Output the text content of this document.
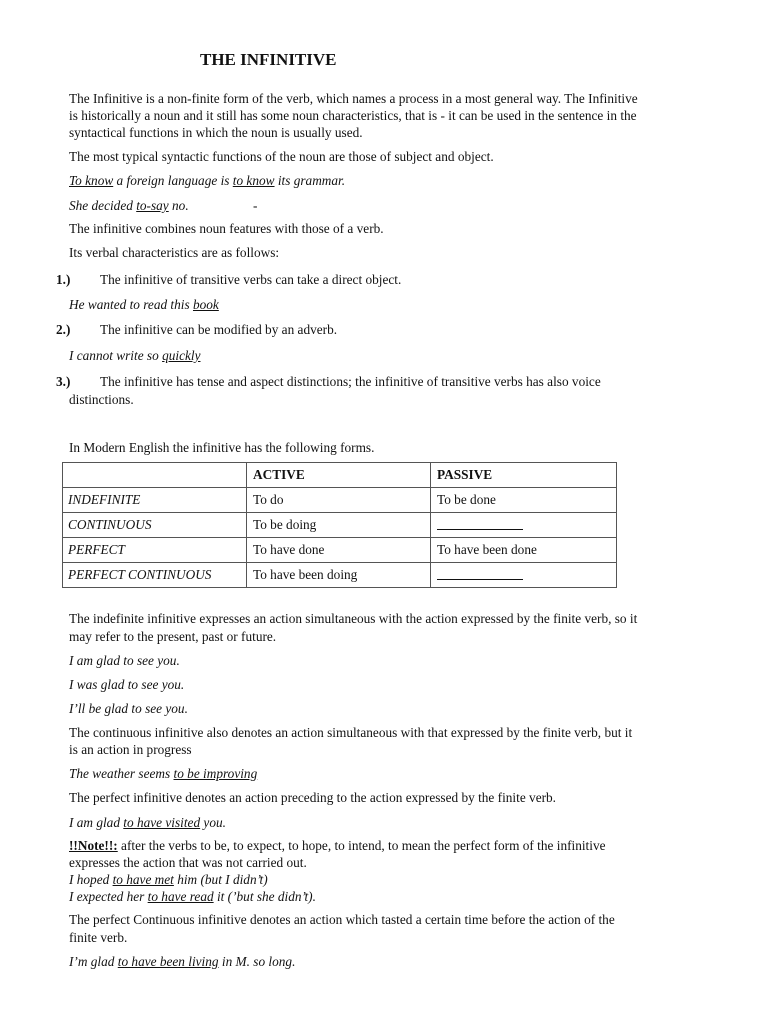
THE INFINITIVE
The Infinitive is a non-finite form of the verb, which names a process in a most general way. The Infinitive
is historically a noun and it still has some noun characteristics, that is - it can be used in the sentence in the
syntactical functions in which the noun is usually used.
The most typical syntactic functions of the noun are those of subject and object.
To know a foreign language is to know its grammar.
She decided to-say no.	-
The infinitive combines noun features with those of a verb.
Its verbal characteristics are as follows:
1.) The infinitive of transitive verbs can take a direct object.
He wanted to read this book
2.) The infinitive can be modified by an adverb.
I cannot write so quickly
3.) The infinitive has tense and aspect distinctions; the infinitive of transitive verbs has also voice
distinctions.
In Modern English the infinitive has the following forms.
	ACTIVE	PASSIVE
INDEFINITE	To do	To be done
CONTINUOUS	To be doing	
PERFECT	To have done	To have been done
PERFECT CONTINUOUS	To have been doing	
The indefinite infinitive expresses an action simultaneous with the action expressed by the finite verb, so it
may refer to the present, past or future.
I am glad to see you.
I was glad to see you.
I’ll be glad to see you.
The continuous infinitive also denotes an action simultaneous with that expressed by the finite verb, but it
is an action in progress
The weather seems to be improving
The perfect infinitive denotes an action preceding to the action expressed by the finite verb.
I am glad to have visited you.
!!Note!!: after the verbs to be, to expect, to hope, to intend, to mean the perfect form of the infinitive
expresses the action that was not carried out.
I hoped to have met him (but I didn’t)
I expected her to have read it (’but she didn’t).
The perfect Continuous infinitive denotes an action which tasted a certain time before the action of the
finite verb.
I’m glad to have been living in M. so long.
